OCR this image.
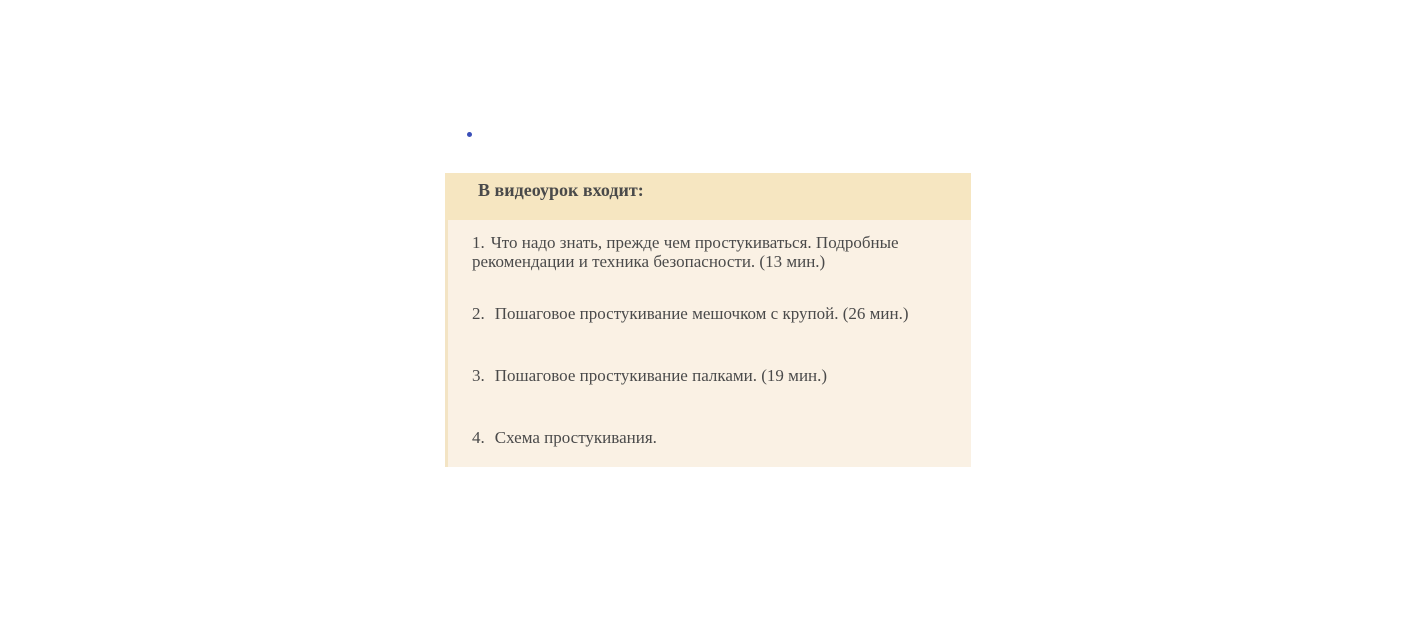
В видеоурок входит:
1. Что надо знать, прежде чем простукиваться. Подробные рекомендации и техника безопасности. (13 мин.)
2. Пошаговое простукивание мешочком с крупой. (26 мин.)
3. Пошаговое простукивание палками. (19 мин.)
4. Схема простукивания.
